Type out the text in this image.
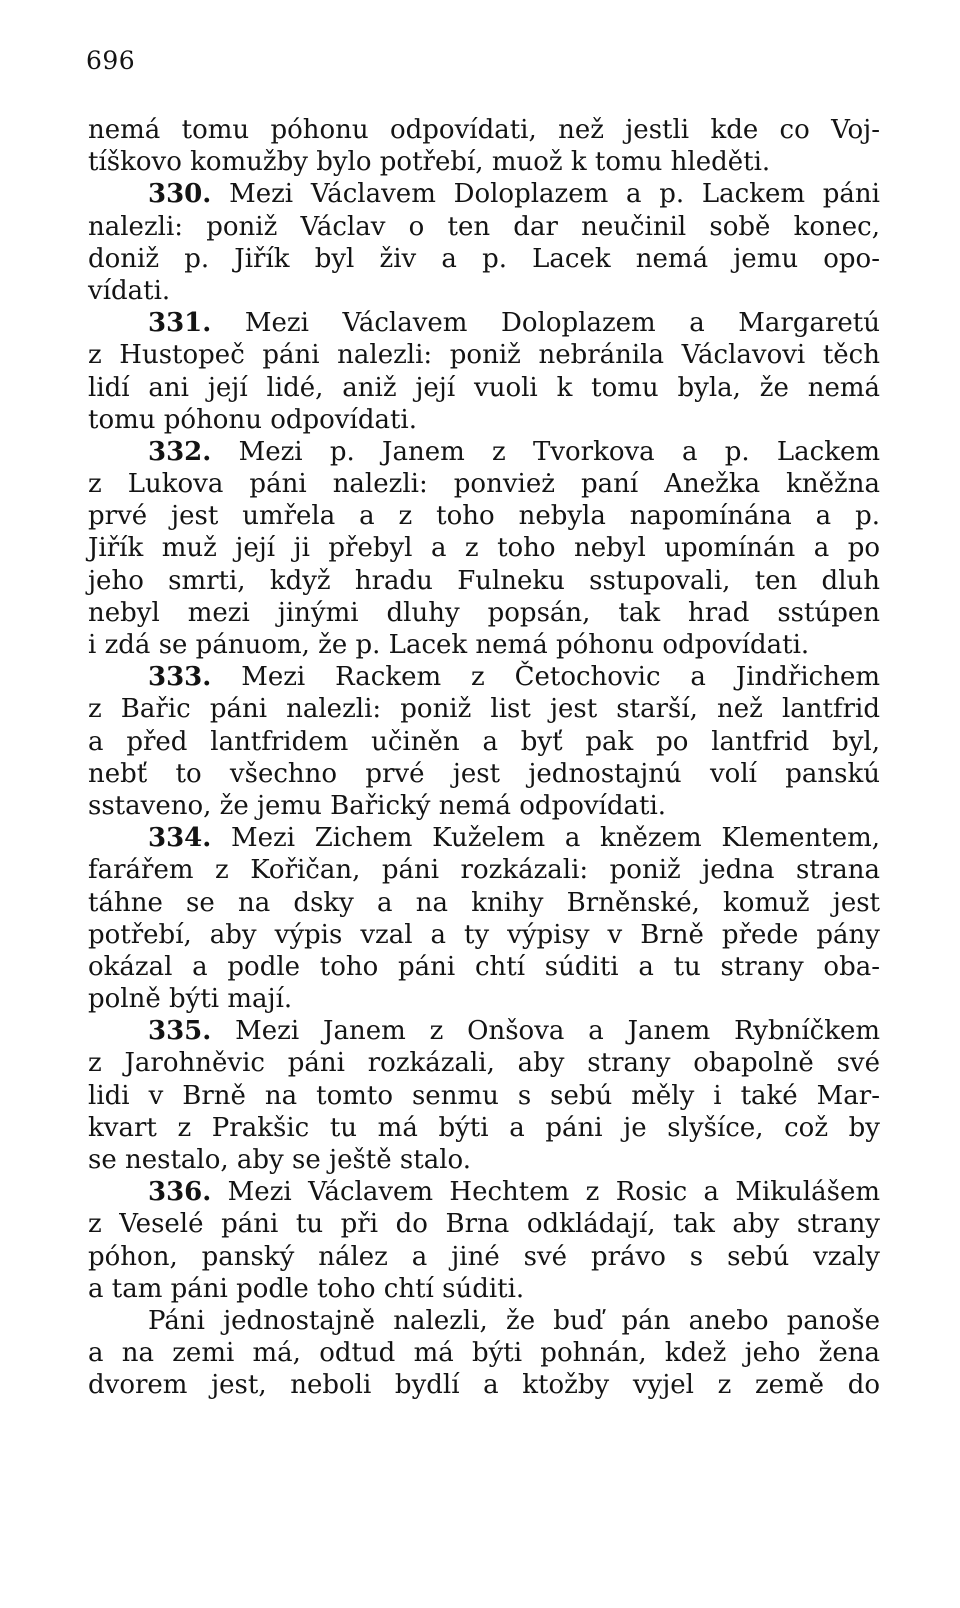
696
nemá tomu póhonu odpovídati, než jestli kde co Voj-
tíškovo komužby bylo potřebí, muož k tomu hleděti.
330. Mezi Václavem Doloplazem a p. Lackem páni
nalezli: poniž Václav o ten dar neučinil sobě konec,
doniž p. Jiřík byl živ a p. Lacek nemá jemu opo-
vídati.
331. Mezi Václavem Doloplazem a Margaretú
z Hustopeč páni nalezli: poniž nebránila Václavovi těch
lidí ani její lidé, aniž její vuoli k tomu byla, že nemá
tomu póhonu odpovídati.
332. Mezi p. Janem z Tvorkova a p. Lackem
z Lukova páni nalezli: ponvież paní Anežka kněžna
prvé jest umřela a z toho nebyla napomínána a p.
Jiřík muž její ji přebyl a z toho nebyl upomínán a po
jeho smrti, když hradu Fulneku sstupovali, ten dluh
nebyl mezi jinými dluhy popsán, tak hrad sstúpen
i zdá se pánuom, že p. Lacek nemá póhonu odpovídati.
333. Mezi Rackem z Četochovic a Jindřichem
z Bařic páni nalezli: poniž list jest starší, než lantfrid
a před lantfridem učiněn a byť pak po lantfrid byl,
nebť to všechno prvé jest jednostajnú volí panskú
sstaveno, že jemu Bařický nemá odpovídati.
334. Mezi Zichem Kuželem a knězem Klementem,
farářem z Kořičan, páni rozkázali: poniž jedna strana
táhne se na dsky a na knihy Brněnské, komuž jest
potřebí, aby výpis vzal a ty výpisy v Brně přede pány
okázal a podle toho páni chtí súditi a tu strany oba-
polně býti mají.
335. Mezi Janem z Onšova a Janem Rybníčkem
z Jarohněvic páni rozkázali, aby strany obapolně své
lidi v Brně na tomto senmu s sebú měly i také Mar-
kvart z Prakšic tu má býti a páni je slyšíce, což by
se nestalo, aby se ještě stalo.
336. Mezi Václavem Hechtem z Rosic a Mikulášem
z Veselé páni tu při do Brna odkládají, tak aby strany
póhon, panský nález a jiné své právo s sebú vzaly
a tam páni podle toho chtí súditi.
Páni jednostajně nalezli, že buď pán anebo panoše
a na zemi má, odtud má býti pohnán, kdež jeho žena
dvorem jest, neboli bydlí a ktožby vyjel z země do
